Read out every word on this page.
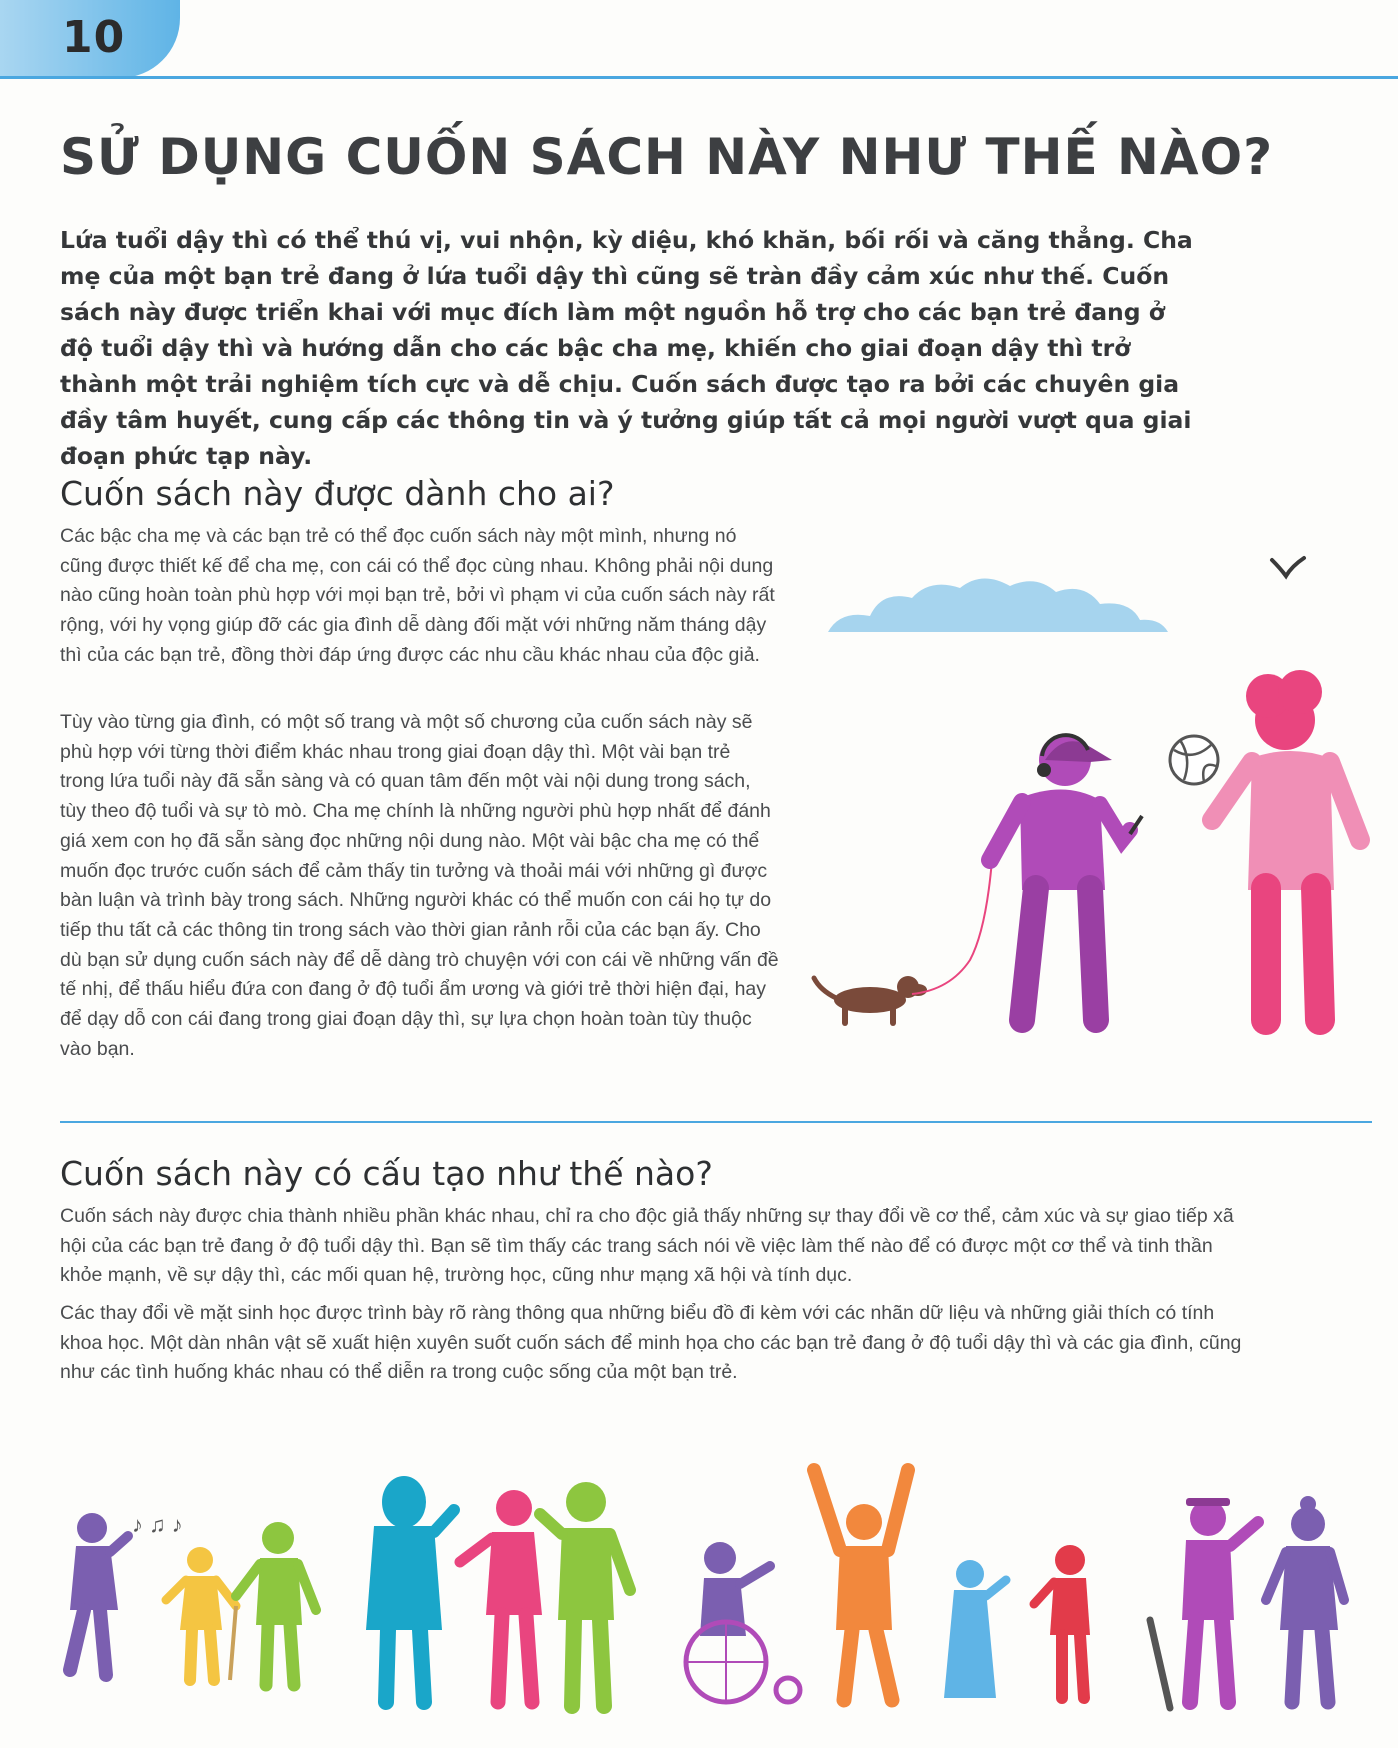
10
SỬ DỤNG CUỐN SÁCH NÀY NHƯ THẾ NÀO?

Lứa tuổi dậy thì có thể thú vị, vui nhộn, kỳ diệu, khó khăn, bối rối và căng thẳng. Cha mẹ của một bạn trẻ đang ở lứa tuổi dậy thì cũng sẽ tràn đầy cảm xúc như thế. Cuốn sách này được triển khai với mục đích làm một nguồn hỗ trợ cho các bạn trẻ đang ở độ tuổi dậy thì và hướng dẫn cho các bậc cha mẹ, khiến cho giai đoạn dậy thì trở thành một trải nghiệm tích cực và dễ chịu. Cuốn sách được tạo ra bởi các chuyên gia đầy tâm huyết, cung cấp các thông tin và ý tưởng giúp tất cả mọi người vượt qua giai đoạn phức tạp này.

Cuốn sách này được dành cho ai?

Các bậc cha mẹ và các bạn trẻ có thể đọc cuốn sách này một mình, nhưng nó cũng được thiết kế để cha mẹ, con cái có thể đọc cùng nhau. Không phải nội dung nào cũng hoàn toàn phù hợp với mọi bạn trẻ, bởi vì phạm vi của cuốn sách này rất rộng, với hy vọng giúp đỡ các gia đình dễ dàng đối mặt với những năm tháng dậy thì của các bạn trẻ, đồng thời đáp ứng được các nhu cầu khác nhau của độc giả.

Tùy vào từng gia đình, có một số trang và một số chương của cuốn sách này sẽ phù hợp với từng thời điểm khác nhau trong giai đoạn dậy thì. Một vài bạn trẻ trong lứa tuổi này đã sẵn sàng và có quan tâm đến một vài nội dung trong sách, tùy theo độ tuổi và sự tò mò. Cha mẹ chính là những người phù hợp nhất để đánh giá xem con họ đã sẵn sàng đọc những nội dung nào. Một vài bậc cha mẹ có thể muốn đọc trước cuốn sách để cảm thấy tin tưởng và thoải mái với những gì được bàn luận và trình bày trong sách. Những người khác có thể muốn con cái họ tự do tiếp thu tất cả các thông tin trong sách vào thời gian rảnh rỗi của các bạn ấy. Cho dù bạn sử dụng cuốn sách này để dễ dàng trò chuyện với con cái về những vấn đề tế nhị, để thấu hiểu đứa con đang ở độ tuổi ẩm ương và giới trẻ thời hiện đại, hay để dạy dỗ con cái đang trong giai đoạn dậy thì, sự lựa chọn hoàn toàn tùy thuộc vào bạn.

Cuốn sách này có cấu tạo như thế nào?

Cuốn sách này được chia thành nhiều phần khác nhau, chỉ ra cho độc giả thấy những sự thay đổi về cơ thể, cảm xúc và sự giao tiếp xã hội của các bạn trẻ đang ở độ tuổi dậy thì. Bạn sẽ tìm thấy các trang sách nói về việc làm thế nào để có được một cơ thể và tinh thần khỏe mạnh, về sự dậy thì, các mối quan hệ, trường học, cũng như mạng xã hội và tính dục.

Các thay đổi về mặt sinh học được trình bày rõ ràng thông qua những biểu đồ đi kèm với các nhãn dữ liệu và những giải thích có tính khoa học. Một dàn nhân vật sẽ xuất hiện xuyên suốt cuốn sách để minh họa cho các bạn trẻ đang ở độ tuổi dậy thì và các gia đình, cũng như các tình huống khác nhau có thể diễn ra trong cuộc sống của một bạn trẻ.

♪ ♫ ♪
